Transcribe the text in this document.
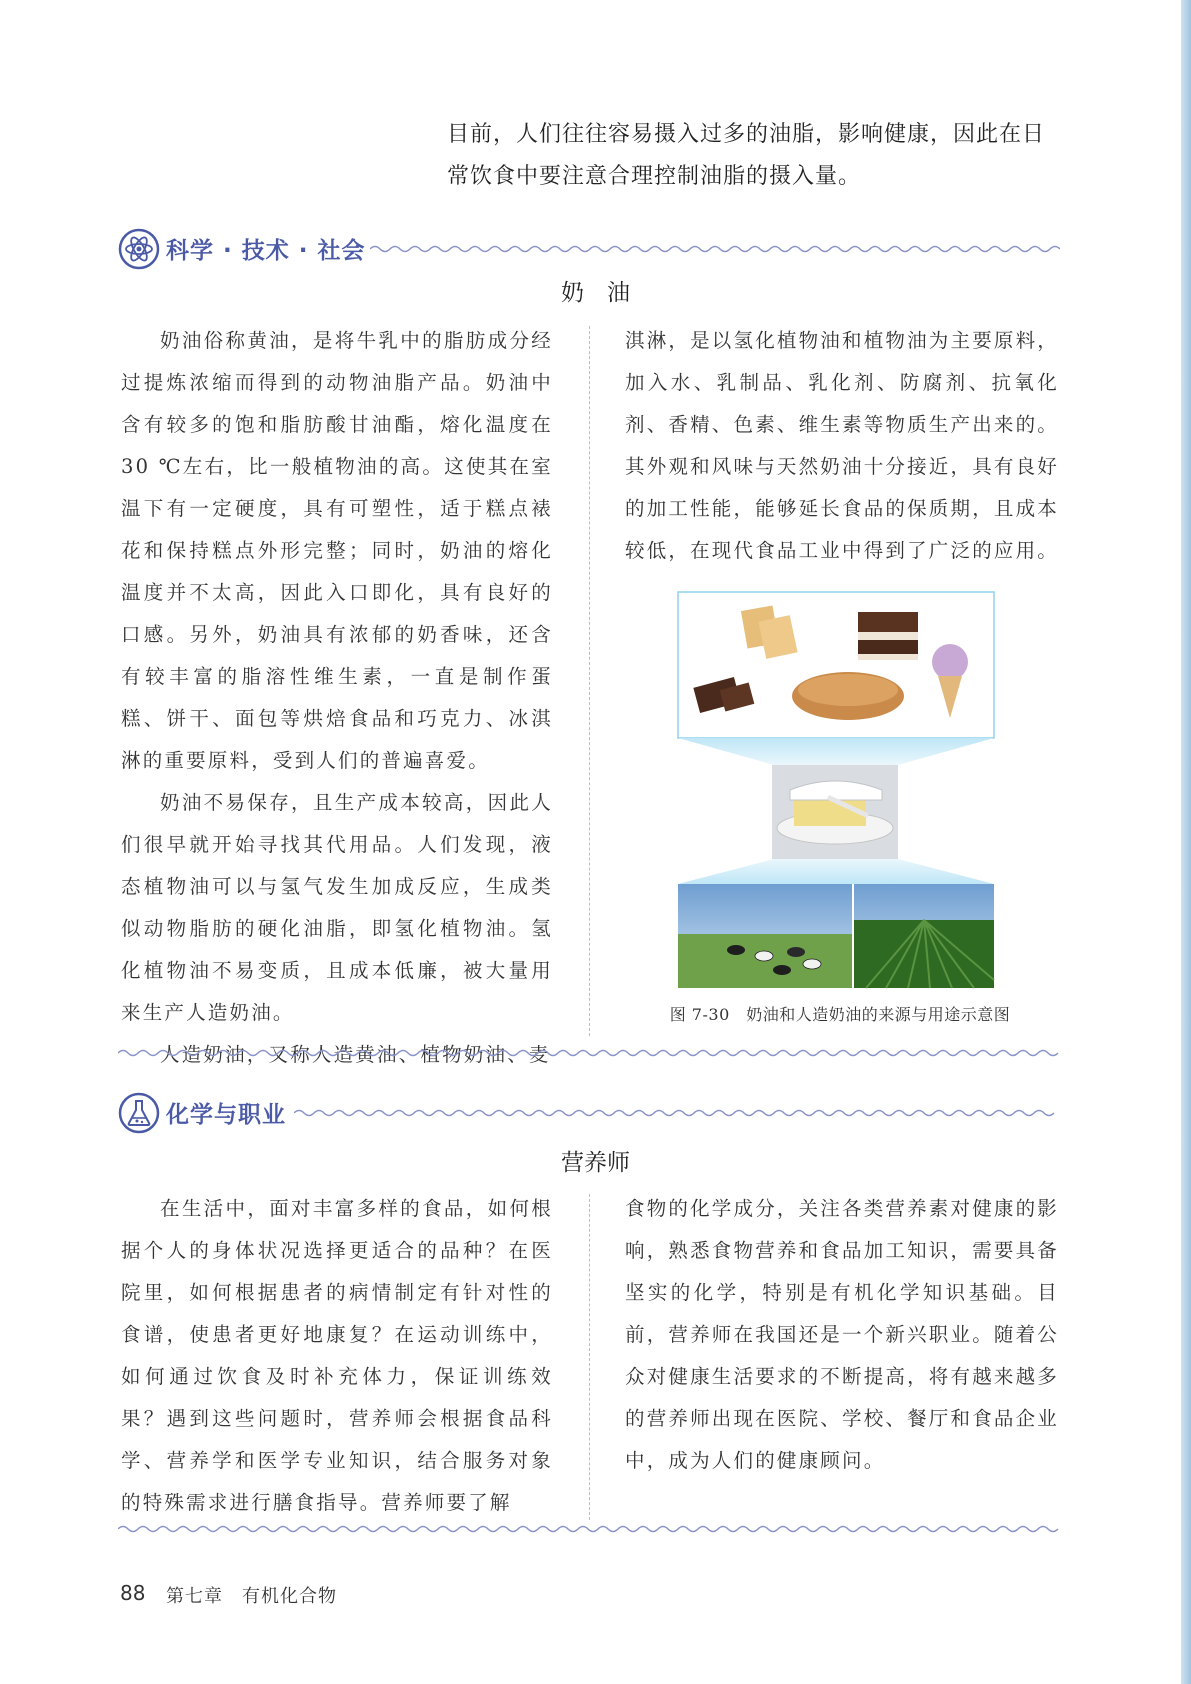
目前，人们往往容易摄入过多的油脂，影响健康，因此在日常饮食中要注意合理控制油脂的摄入量。
科学 · 技术 · 社会
奶　油

奶油俗称黄油，是将牛乳中的脂肪成分经过提炼浓缩而得到的动物油脂产品。奶油中含有较多的饱和脂肪酸甘油酯，熔化温度在30 ℃左右，比一般植物油的高。这使其在室温下有一定硬度，具有可塑性，适于糕点裱花和保持糕点外形完整；同时，奶油的熔化温度并不太高，因此入口即化，具有良好的口感。另外，奶油具有浓郁的奶香味，还含有较丰富的脂溶性维生素，一直是制作蛋糕、饼干、面包等烘焙食品和巧克力、冰淇淋的重要原料，受到人们的普遍喜爱。

奶油不易保存，且生产成本较高，因此人们很早就开始寻找其代用品。人们发现，液态植物油可以与氢气发生加成反应，生成类似动物脂肪的硬化油脂，即氢化植物油。氢化植物油不易变质，且成本低廉，被大量用来生产人造奶油。

人造奶油，又称人造黄油、植物奶油、麦

淇淋，是以氢化植物油和植物油为主要原料，加入水、乳制品、乳化剂、防腐剂、抗氧化剂、香精、色素、维生素等物质生产出来的。其外观和风味与天然奶油十分接近，具有良好的加工性能，能够延长食品的保质期，且成本较低，在现代食品工业中得到了广泛的应用。

图 7-30　奶油和人造奶油的来源与用途示意图
化学与职业
营养师

在生活中，面对丰富多样的食品，如何根据个人的身体状况选择更适合的品种？在医院里，如何根据患者的病情制定有针对性的食谱，使患者更好地康复？在运动训练中，如何通过饮食及时补充体力，保证训练效果？遇到这些问题时，营养师会根据食品科学、营养学和医学专业知识，结合服务对象的特殊需求进行膳食指导。营养师要了解

食物的化学成分，关注各类营养素对健康的影响，熟悉食物营养和食品加工知识，需要具备坚实的化学，特别是有机化学知识基础。目前，营养师在我国还是一个新兴职业。随着公众对健康生活要求的不断提高，将有越来越多的营养师出现在医院、学校、餐厅和食品企业中，成为人们的健康顾问。

88 第七章　有机化合物
